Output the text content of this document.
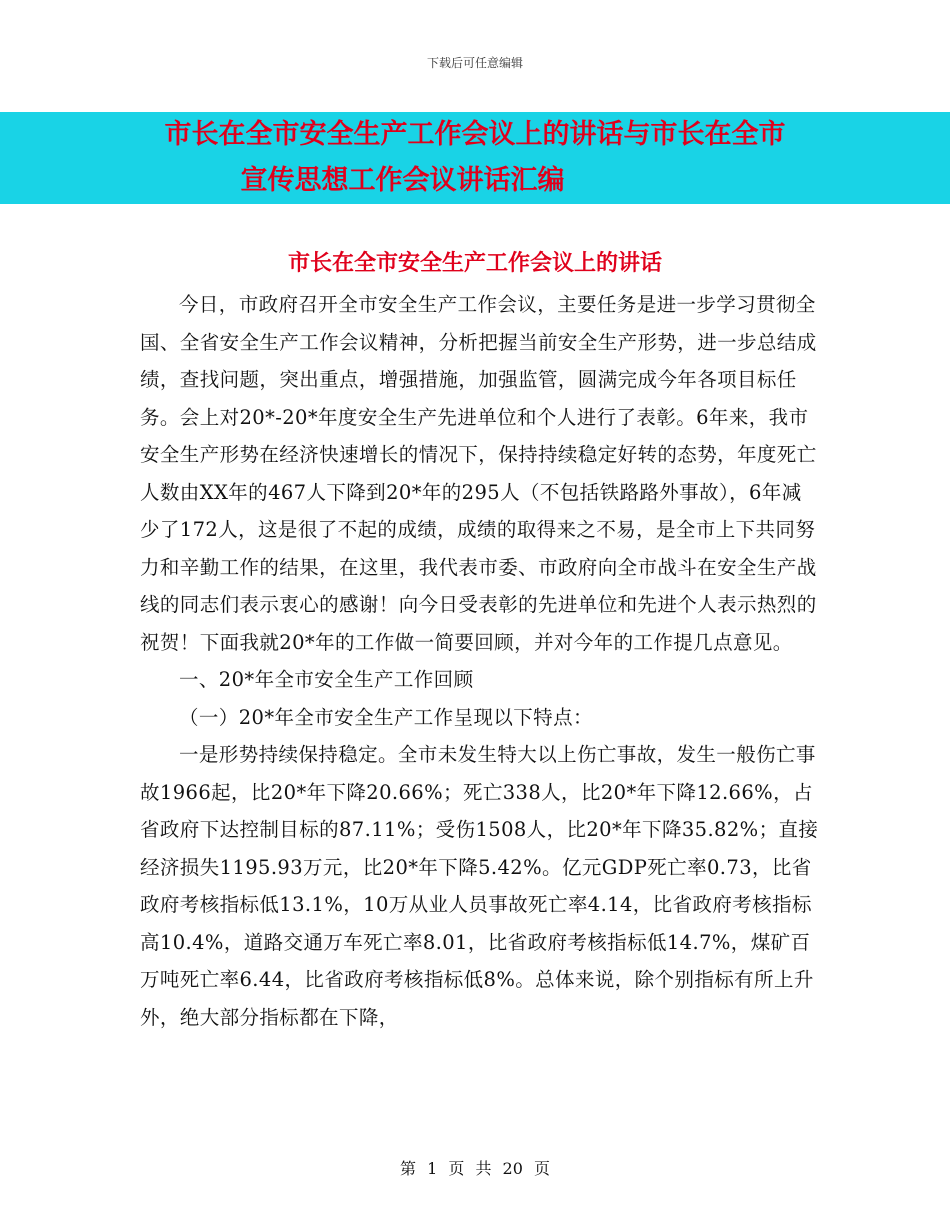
下载后可任意编辑
市长在全市安全生产工作会议上的讲话与市长在全市
宣传思想工作会议讲话汇编
市长在全市安全生产工作会议上的讲话

今日，市政府召开全市安全生产工作会议，主要任务是进一步学习贯彻全国、全省安全生产工作会议精神，分析把握当前安全生产形势，进一步总结成绩，查找问题，突出重点，增强措施，加强监管，圆满完成今年各项目标任务。会上对20*-20*年度安全生产先进单位和个人进行了表彰。6年来，我市安全生产形势在经济快速增长的情况下，保持持续稳定好转的态势，年度死亡人数由XX年的467人下降到20*年的295人（不包括铁路路外事故），6年减少了172人，这是很了不起的成绩，成绩的取得来之不易，是全市上下共同努力和辛勤工作的结果，在这里，我代表市委、市政府向全市战斗在安全生产战线的同志们表示衷心的感谢！向今日受表彰的先进单位和先进个人表示热烈的祝贺！下面我就20*年的工作做一简要回顾，并对今年的工作提几点意见。

一、20*年全市安全生产工作回顾

（一）20*年全市安全生产工作呈现以下特点：

一是形势持续保持稳定。全市未发生特大以上伤亡事故，发生一般伤亡事故1966起，比20*年下降20.66%；死亡338人，比20*年下降12.66%，占省政府下达控制目标的87.11%；受伤1508人，比20*年下降35.82%；直接经济损失1195.93万元，比20*年下降5.42%。亿元GDP死亡率0.73，比省政府考核指标低13.1%，10万从业人员事故死亡率4.14，比省政府考核指标高10.4%，道路交通万车死亡率8.01，比省政府考核指标低14.7%，煤矿百万吨死亡率6.44，比省政府考核指标低8%。总体来说，除个别指标有所上升外，绝大部分指标都在下降，

第 1 页 共 20 页
